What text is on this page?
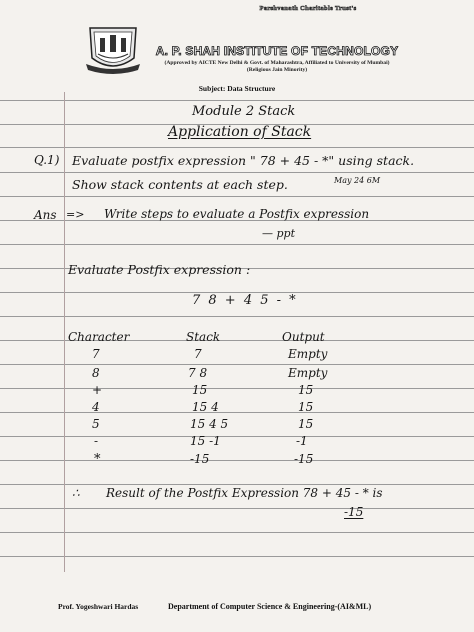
Parshvanath Charitable Trust's
A. P. SHAH INSTITUTE OF TECHNOLOGY
(Approved by AICTE New Delhi & Govt. of Maharashtra, Affiliated to University of Mumbai)
(Religious Jain Minority)
Subject: Data Structure
Module 2 Stack
Application of Stack
Q.1) Evaluate postfix expression " 78 + 45 - *" using stack.
Show stack contents at each step.	May 24 6M
Ans => Write steps to evaluate a Postfix expression
— ppt
Evaluate Postfix expression :
7 8 + 4 5 - *
Character	Stack	Output
7	7	Empty
8	7 8	Empty
+	15	15
4	15 4	15
5	15 4 5	15
-	15 -1	-1
*	-15	-15
∴ Result of the Postfix Expression 78 + 45 - * is
-15
Prof. Yogeshwari Hardas	Department of Computer Science & Engineering-(AI&ML)
